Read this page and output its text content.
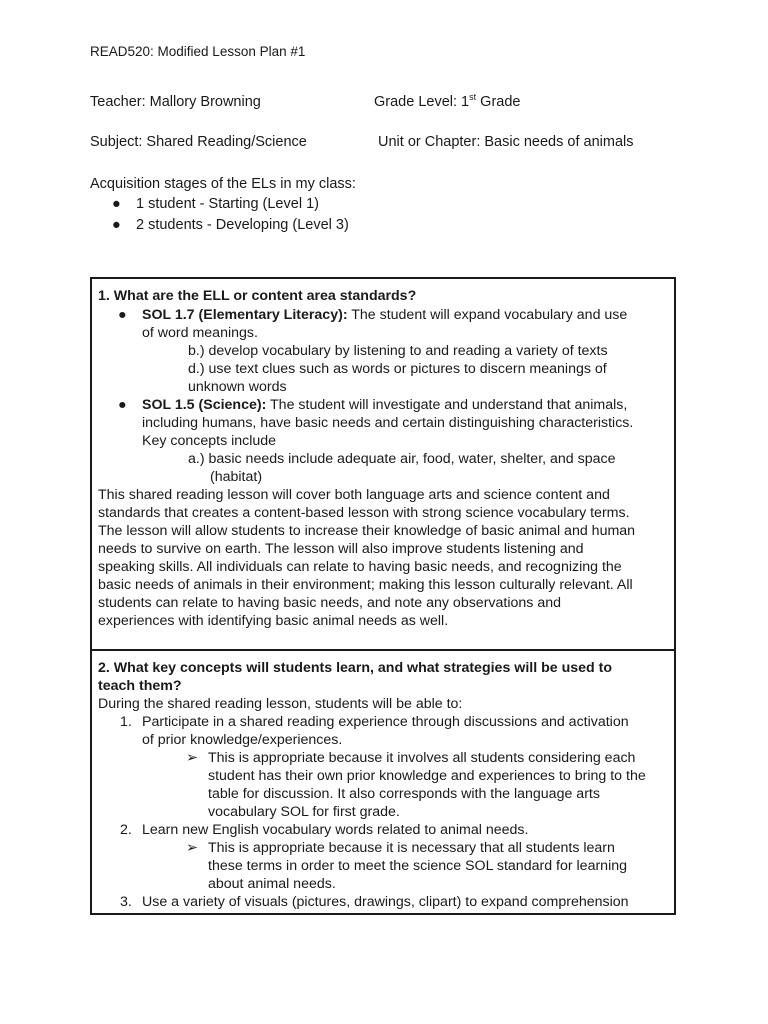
READ520: Modified Lesson Plan #1
Teacher: Mallory Browning	Grade Level: 1st Grade
Subject: Shared Reading/Science	Unit or Chapter: Basic needs of animals
Acquisition stages of the ELs in my class:
● 1 student - Starting (Level 1)
● 2 students - Developing (Level 3)
1. What are the ELL or content area standards?
● SOL 1.7 (Elementary Literacy): The student will expand vocabulary and use
of word meanings.
b.) develop vocabulary by listening to and reading a variety of texts
d.) use text clues such as words or pictures to discern meanings of
unknown words
● SOL 1.5 (Science): The student will investigate and understand that animals,
including humans, have basic needs and certain distinguishing characteristics.
Key concepts include
a.) basic needs include adequate air, food, water, shelter, and space
(habitat)
This shared reading lesson will cover both language arts and science content and
standards that creates a content-based lesson with strong science vocabulary terms.
The lesson will allow students to increase their knowledge of basic animal and human
needs to survive on earth. The lesson will also improve students listening and
speaking skills. All individuals can relate to having basic needs, and recognizing the
basic needs of animals in their environment; making this lesson culturally relevant. All
students can relate to having basic needs, and note any observations and
experiences with identifying basic animal needs as well.
2. What key concepts will students learn, and what strategies will be used to
teach them?
During the shared reading lesson, students will be able to:
1. Participate in a shared reading experience through discussions and activation
of prior knowledge/experiences.
➢ This is appropriate because it involves all students considering each
student has their own prior knowledge and experiences to bring to the
table for discussion. It also corresponds with the language arts
vocabulary SOL for first grade.
2. Learn new English vocabulary words related to animal needs.
➢ This is appropriate because it is necessary that all students learn
these terms in order to meet the science SOL standard for learning
about animal needs.
3. Use a variety of visuals (pictures, drawings, clipart) to expand comprehension
